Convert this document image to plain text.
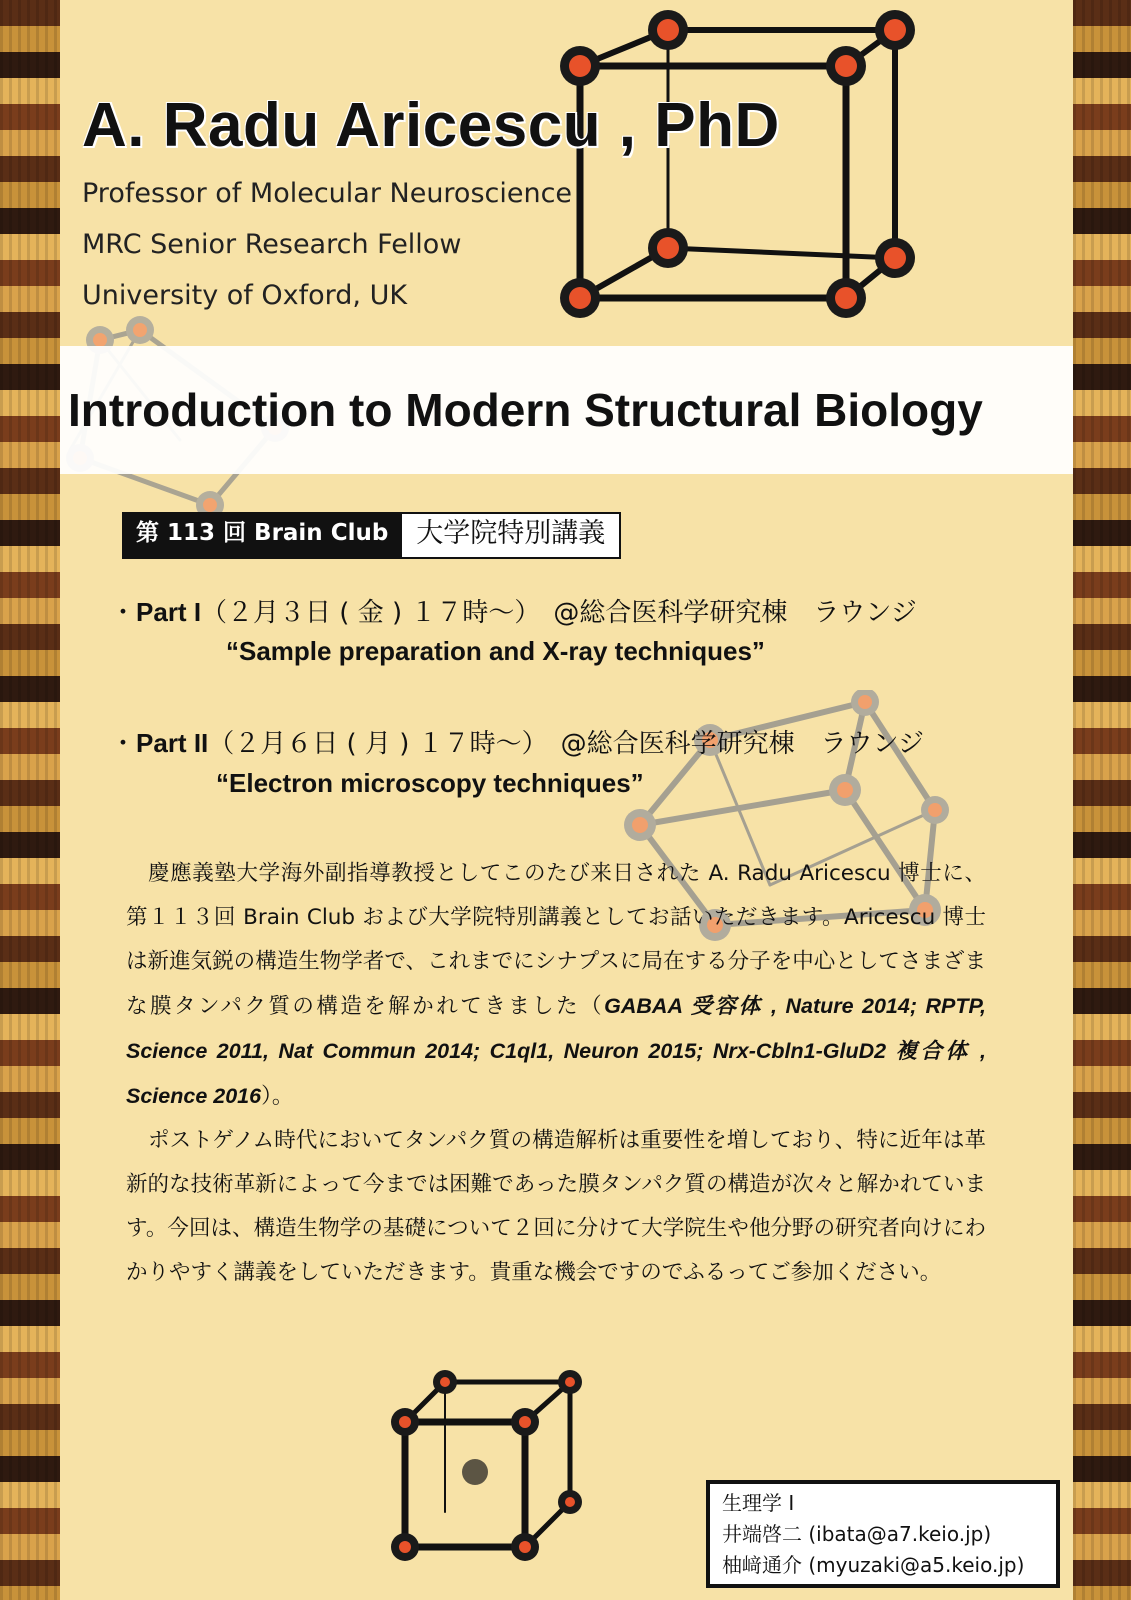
A. Radu Aricescu , PhD

Professor of Molecular Neuroscience

MRC Senior Research Fellow

University of Oxford, UK

Introduction to Modern Structural Biology
第 113 回 Brain Club	大学院特別講義

・Part I（２月３日 ( 金 ) １７時〜）　@総合医科学研究棟　ラウンジ

“Sample preparation and X-ray techniques”

・Part II（２月６日 ( 月 ) １７時〜）　@総合医科学研究棟　ラウンジ

“Electron microscopy techniques”

慶應義塾大学海外副指導教授としてこのたび来日された A. Radu Aricescu 博士に、第１１３回 Brain Club および大学院特別講義としてお話いただきます。Aricescu 博士は新進気鋭の構造生物学者で、これまでにシナプスに局在する分子を中心としてさまざまな膜タンパク質の構造を解かれてきました（GABAA 受容体 , Nature 2014; RPTP, Science 2011, Nat Commun 2014; C1ql1, Neuron 2015; Nrx-Cbln1-GluD2 複合体 , Science 2016）。

ポストゲノム時代においてタンパク質の構造解析は重要性を増しており、特に近年は革新的な技術革新によって今までは困難であった膜タンパク質の構造が次々と解かれています。今回は、構造生物学の基礎について２回に分けて大学院生や他分野の研究者向けにわかりやすく講義をしていただきます。貴重な機会ですのでふるってご参加ください。

生理学 I
井端啓二 (ibata@a7.keio.jp)
柚﨑通介 (myuzaki@a5.keio.jp)
